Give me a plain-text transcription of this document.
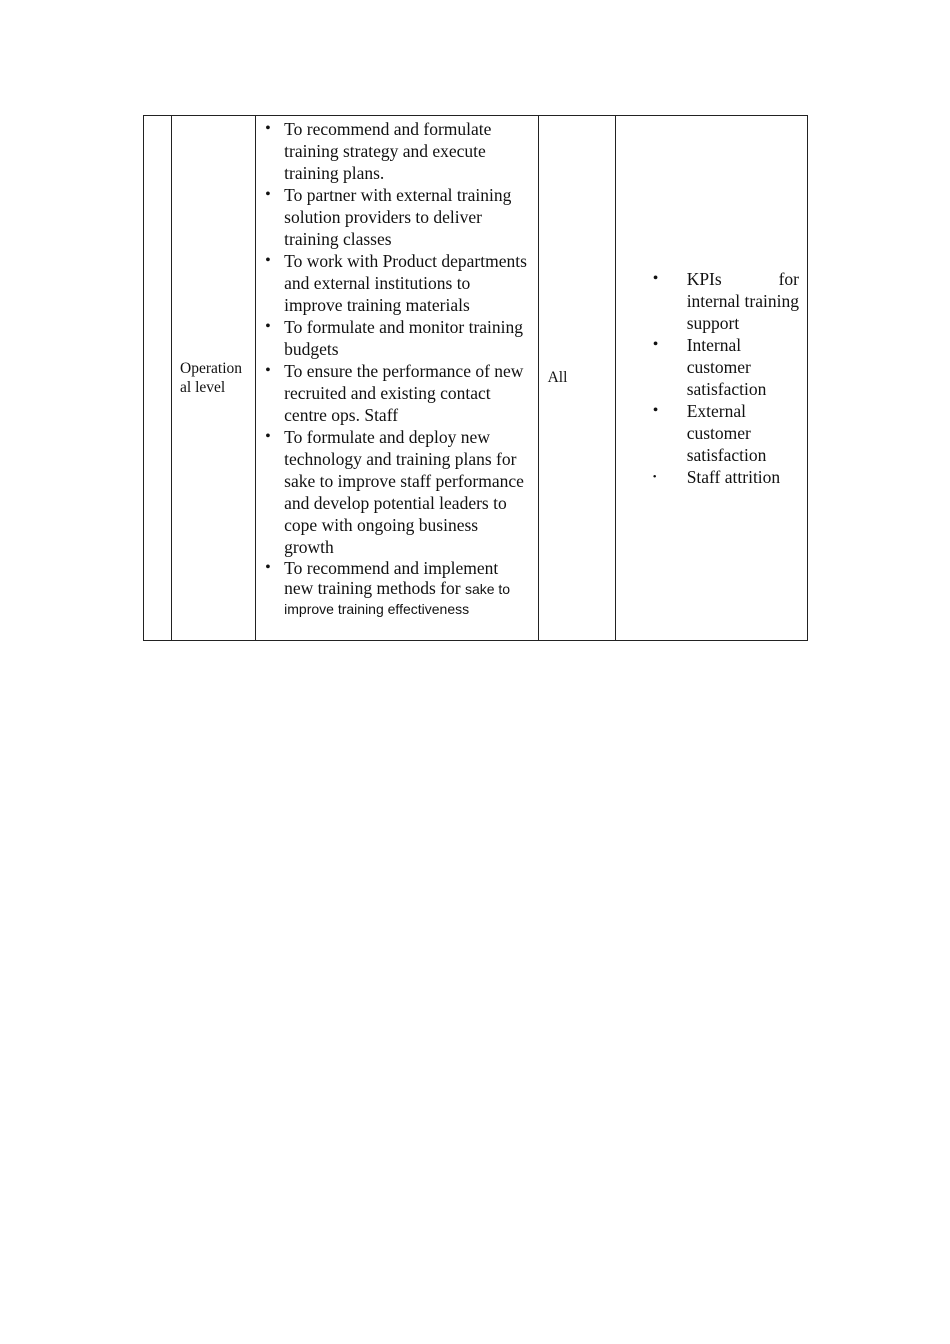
Operation al level

• To recommend and formulate training strategy and execute training plans.
• To partner with external training solution providers to deliver training classes
• To work with Product departments and external institutions to improve training materials
• To formulate and monitor training budgets
• To ensure the performance of new recruited and existing contact centre ops. Staff
• To formulate and deploy new technology and training plans for sake to improve staff performance and develop potential leaders to cope with ongoing business growth
• To recommend and implement new training methods for sake to improve training effectiveness

All

• KPIs	for
internal training support
• Internal customer satisfaction
• External customer satisfaction
• Staff attrition
